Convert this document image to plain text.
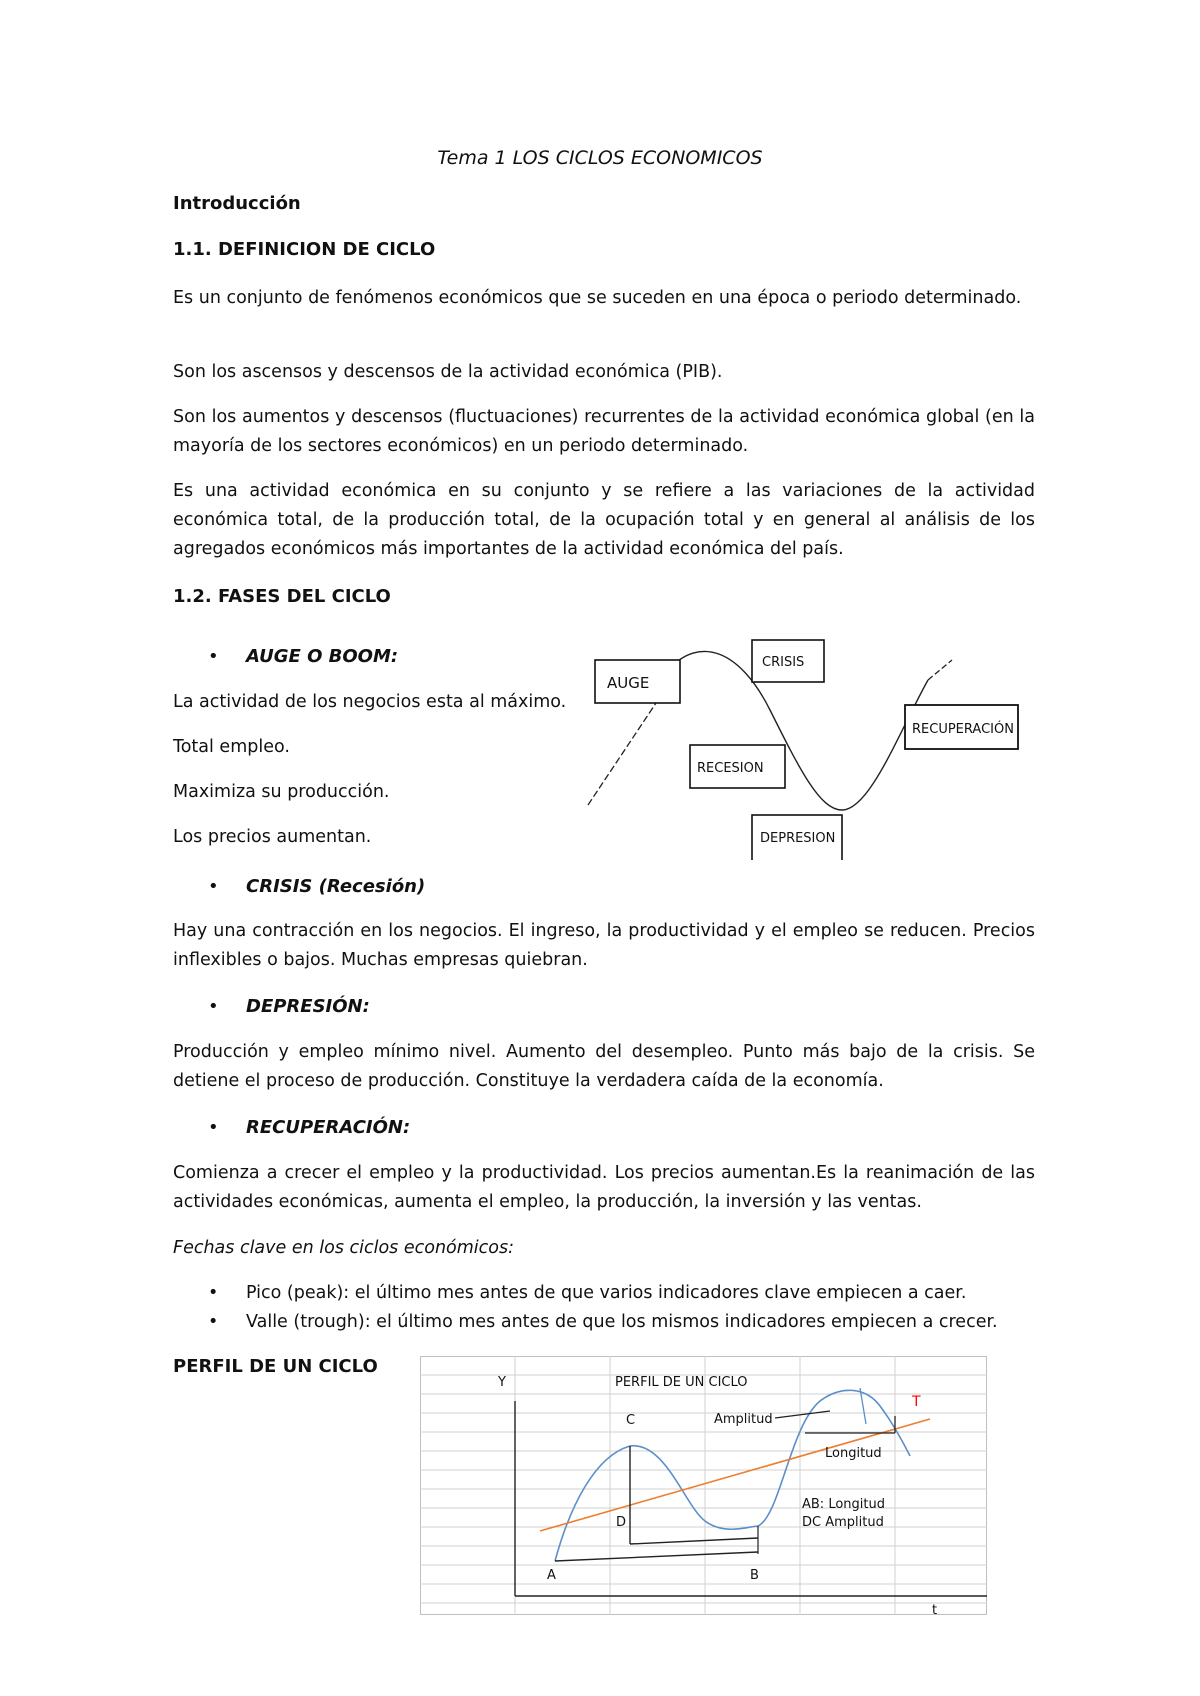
Tema 1 LOS CICLOS ECONOMICOS
Introducción
1.1. DEFINICION DE CICLO

Es un conjunto de fenómenos económicos que se suceden en una época o periodo determinado.

Son los ascensos y descensos de la actividad económica (PIB).

Son los aumentos y descensos (fluctuaciones) recurrentes de la actividad económica global (en la mayoría de los sectores económicos) en un periodo determinado.

Es una actividad económica en su conjunto y se refiere a las variaciones de la actividad económica total, de la producción total, de la ocupación total y en general al análisis de los agregados económicos más importantes de la actividad económica del país.

1.2. FASES DEL CICLO
• AUGE O BOOM:
La actividad de los negocios esta al máximo.
Total empleo.
Maximiza su producción.
Los precios aumentan.
AUGE
CRISIS
RECESION
RECUPERACIÓN
DEPRESION
• CRISIS (Recesión)

Hay una contracción en los negocios. El ingreso, la productividad y el empleo se reducen. Precios inflexibles o bajos. Muchas empresas quiebran.

• DEPRESIÓN:

Producción y empleo mínimo nivel. Aumento del desempleo. Punto más bajo de la crisis. Se detiene el proceso de producción. Constituye la verdadera caída de la economía.

• RECUPERACIÓN:

Comienza a crecer el empleo y la productividad. Los precios aumentan.Es la reanimación de las actividades económicas, aumenta el empleo, la producción, la inversión y las ventas.

Fechas clave en los ciclos económicos:
• Pico (peak): el último mes antes de que varios indicadores clave empiecen a caer.
• Valle (trough): el último mes antes de que los mismos indicadores empiecen a crecer.
PERFIL DE UN CICLO
Y	PERFIL DE UN CICLO
t
C	Amplitud
T
Longitud
AB: Longitud
DC Amplitud
D
A	B
